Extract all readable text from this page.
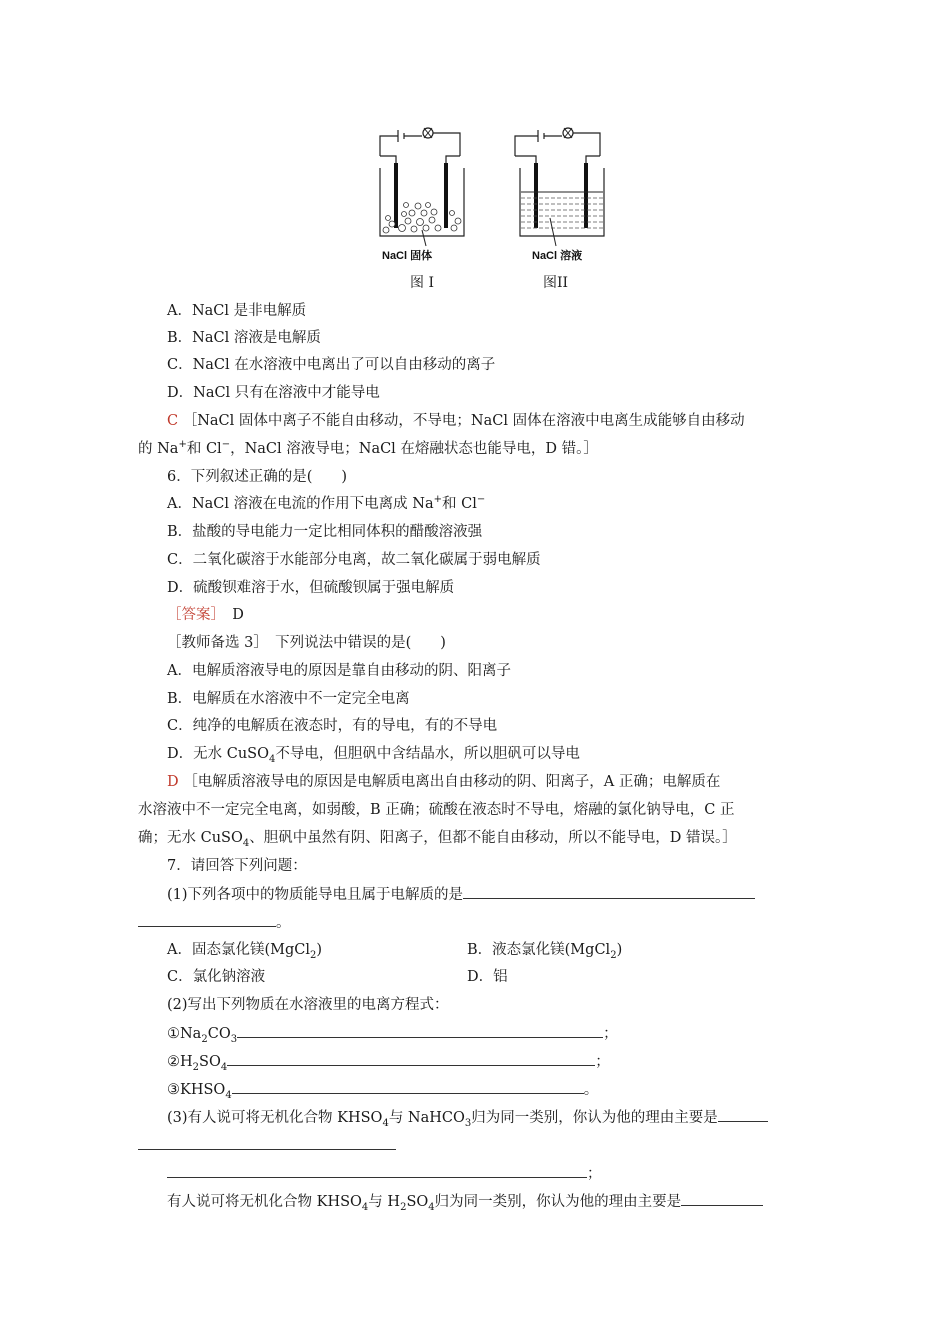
NaCl 固体	NaCl 溶液
图 I	图II
A．NaCl 是非电解质
B．NaCl 溶液是电解质
C．NaCl 在水溶液中电离出了可以自由移动的离子
D．NaCl 只有在溶液中才能导电
C ［NaCl 固体中离子不能自由移动，不导电；NaCl 固体在溶液中电离生成能够自由移动
的 Na+和 Cl−，NaCl 溶液导电；NaCl 在熔融状态也能导电，D 错。］
6．下列叙述正确的是(　　)
A．NaCl 溶液在电流的作用下电离成 Na+和 Cl−
B．盐酸的导电能力一定比相同体积的醋酸溶液强
C．二氧化碳溶于水能部分电离，故二氧化碳属于弱电解质
D．硫酸钡难溶于水，但硫酸钡属于强电解质
［答案］　 D
［教师备选 3］　下列说法中错误的是(　　)
A．电解质溶液导电的原因是靠自由移动的阴、阳离子
B．电解质在水溶液中不一定完全电离
C．纯净的电解质在液态时，有的导电，有的不导电
D．无水 CuSO$_4$不导电，但胆矾中含结晶水，所以胆矾可以导电
D ［电解质溶液导电的原因是电解质电离出自由移动的阴、阳离子，A 正确；电解质在
水溶液中不一定完全电离，如弱酸，B 正确；硫酸在液态时不导电，熔融的氯化钠导电，C 正
确；无水 CuSO$_4$、胆矾中虽然有阴、阳离子，但都不能自由移动，所以不能导电，D 错误。］
7．请回答下列问题：
(1)下列各项中的物质能导电且属于电解质的是
。
A．固态氯化镁(MgCl$_2$)	B．液态氯化镁(MgCl$_2$)
C．氯化钠溶液	D．铝
(2)写出下列物质在水溶液里的电离方程式：
$①Na_2CO_3$	；
$②H_2SO_4$	；
$③KHSO_4$	。
(3)有人说可将无机化合物 $KHSO_4$与 NaHCO$_3$归为同一类别，你认为他的理由主要是
；
有人说可将无机化合物 $KHSO_4$与 $H_2SO_4$归为同一类别，你认为他的理由主要是
